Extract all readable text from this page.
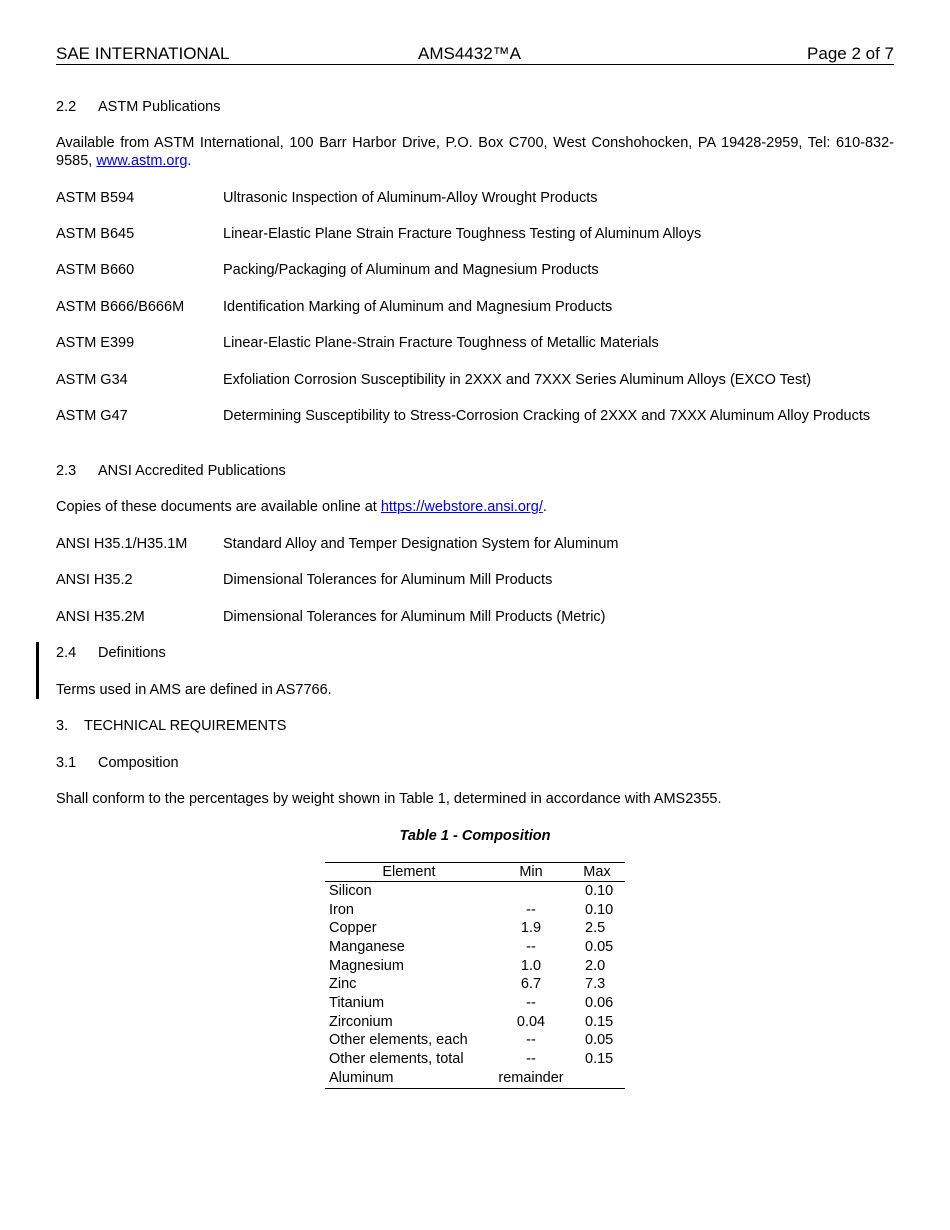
SAE INTERNATIONAL	AMS4432™A	Page 2 of 7
2.2 ASTM Publications
Available from ASTM International, 100 Barr Harbor Drive, P.O. Box C700, West Conshohocken, PA 19428-2959, Tel: 610-832-9585, www.astm.org.
ASTM B594	Ultrasonic Inspection of Aluminum-Alloy Wrought Products
ASTM B645	Linear-Elastic Plane Strain Fracture Toughness Testing of Aluminum Alloys
ASTM B660	Packing/Packaging of Aluminum and Magnesium Products
ASTM B666/B666M	Identification Marking of Aluminum and Magnesium Products
ASTM E399	Linear-Elastic Plane-Strain Fracture Toughness of Metallic Materials
ASTM G34	Exfoliation Corrosion Susceptibility in 2XXX and 7XXX Series Aluminum Alloys (EXCO Test)
ASTM G47	Determining Susceptibility to Stress-Corrosion Cracking of 2XXX and 7XXX Aluminum Alloy Products
2.3 ANSI Accredited Publications
Copies of these documents are available online at https://webstore.ansi.org/.
ANSI H35.1/H35.1M Standard Alloy and Temper Designation System for Aluminum
ANSI H35.2	Dimensional Tolerances for Aluminum Mill Products
ANSI H35.2M	Dimensional Tolerances for Aluminum Mill Products (Metric)
2.4 Definitions
Terms used in AMS are defined in AS7766.
3. TECHNICAL REQUIREMENTS
3.1 Composition
Shall conform to the percentages by weight shown in Table 1, determined in accordance with AMS2355.
Table 1 - Composition
Element	Min	Max
Silicon		0.10
Iron	--	0.10
Copper	1.9	2.5
Manganese	--	0.05
Magnesium	1.0	2.0
Zinc	6.7	7.3
Titanium	--	0.06
Zirconium	0.04	0.15
Other elements, each	--	0.05
Other elements, total	--	0.15
Aluminum	remainder	
